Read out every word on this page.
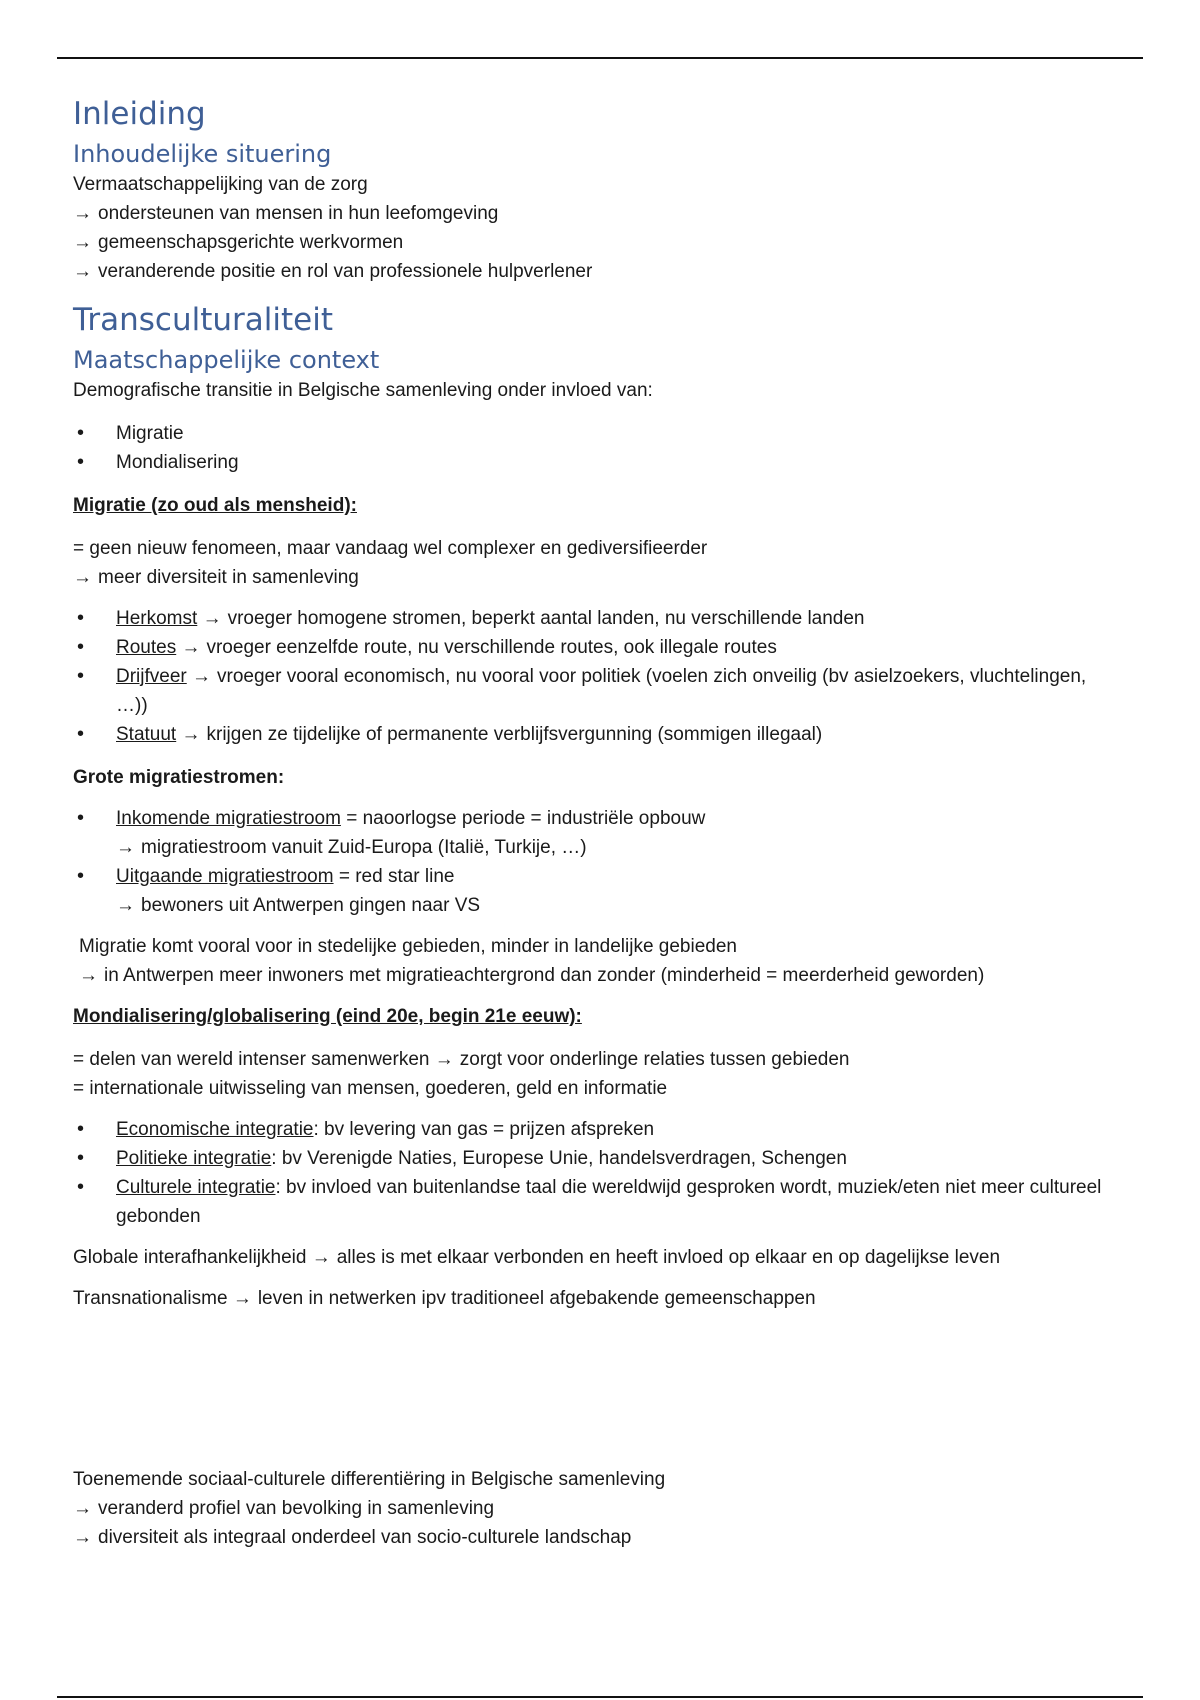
Inleiding
Inhoudelijke situering
Vermaatschappelijking van de zorg
→ ondersteunen van mensen in hun leefomgeving
→ gemeenschapsgerichte werkvormen
→ veranderende positie en rol van professionele hulpverlener
Transculturaliteit
Maatschappelijke context
Demografische transitie in Belgische samenleving onder invloed van:
• Migratie
• Mondialisering
Migratie (zo oud als mensheid):
= geen nieuw fenomeen, maar vandaag wel complexer en gediversifieerder
→ meer diversiteit in samenleving
• Herkomst → vroeger homogene stromen, beperkt aantal landen, nu verschillende landen
• Routes → vroeger eenzelfde route, nu verschillende routes, ook illegale routes
• Drijfveer → vroeger vooral economisch, nu vooral voor politiek (voelen zich onveilig (bv asielzoekers, vluchtelingen, …))
• Statuut → krijgen ze tijdelijke of permanente verblijfsvergunning (sommigen illegaal)
Grote migratiestromen:
• Inkomende migratiestroom = naoorlogse periode = industriële opbouw
→ migratiestroom vanuit Zuid-Europa (Italië, Turkije, …)
• Uitgaande migratiestroom = red star line
→ bewoners uit Antwerpen gingen naar VS
Migratie komt vooral voor in stedelijke gebieden, minder in landelijke gebieden
→ in Antwerpen meer inwoners met migratieachtergrond dan zonder (minderheid = meerderheid geworden)
Mondialisering/globalisering (eind 20e, begin 21e eeuw):
= delen van wereld intenser samenwerken → zorgt voor onderlinge relaties tussen gebieden
= internationale uitwisseling van mensen, goederen, geld en informatie
• Economische integratie: bv levering van gas = prijzen afspreken
• Politieke integratie: bv Verenigde Naties, Europese Unie, handelsverdragen, Schengen
• Culturele integratie: bv invloed van buitenlandse taal die wereldwijd gesproken wordt, muziek/eten niet meer cultureel gebonden
Globale interafhankelijkheid → alles is met elkaar verbonden en heeft invloed op elkaar en op dagelijkse leven
Transnationalisme → leven in netwerken ipv traditioneel afgebakende gemeenschappen
Toenemende sociaal-culturele differentiëring in Belgische samenleving
→ veranderd profiel van bevolking in samenleving
→ diversiteit als integraal onderdeel van socio-culturele landschap
